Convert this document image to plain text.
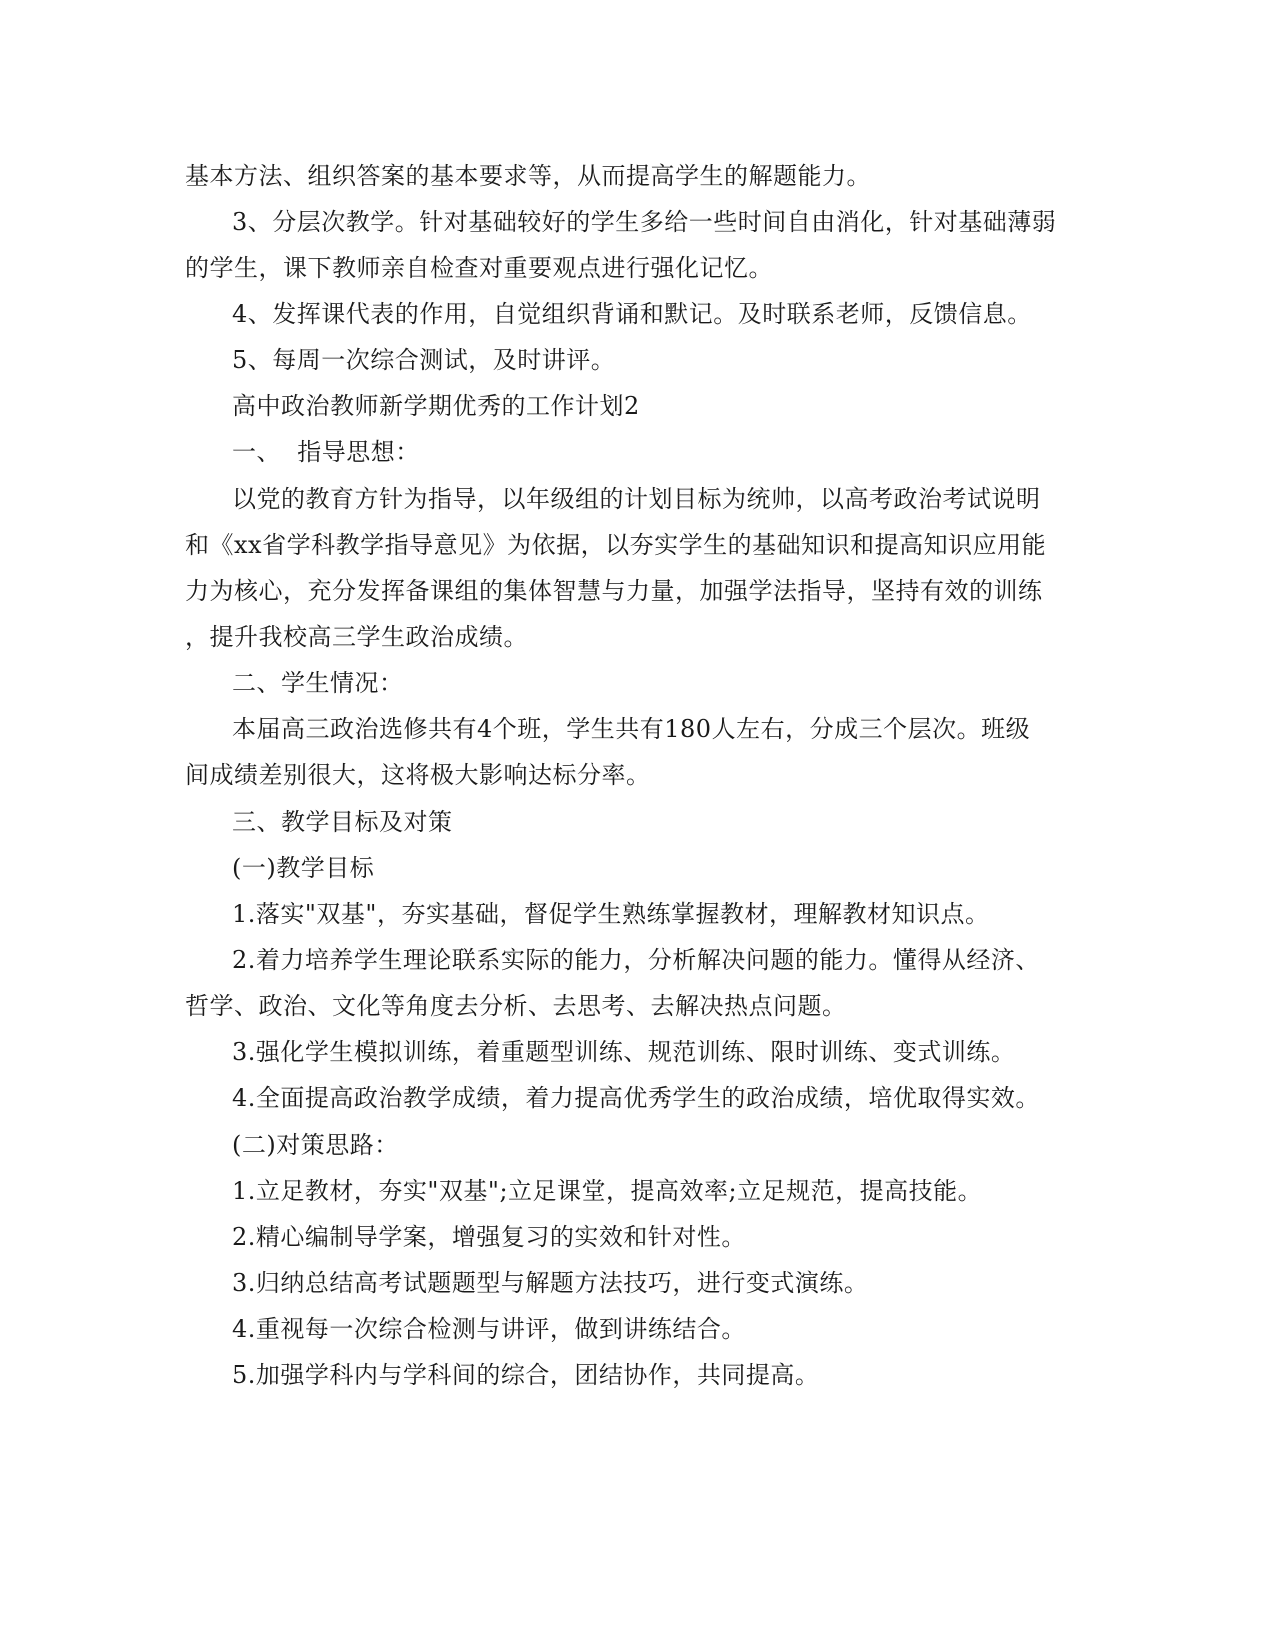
基本方法、组织答案的基本要求等，从而提高学生的解题能力。
3、分层次教学。针对基础较好的学生多给一些时间自由消化，针对基础薄弱
的学生，课下教师亲自检查对重要观点进行强化记忆。
4、发挥课代表的作用，自觉组织背诵和默记。及时联系老师，反馈信息。
5、每周一次综合测试，及时讲评。
高中政治教师新学期优秀的工作计划2
一、  指导思想：
以党的教育方针为指导，以年级组的计划目标为统帅，以高考政治考试说明
和《xx省学科教学指导意见》为依据，以夯实学生的基础知识和提高知识应用能
力为核心，充分发挥备课组的集体智慧与力量，加强学法指导，坚持有效的训练
，提升我校高三学生政治成绩。
二、学生情况：
本届高三政治选修共有4个班，学生共有180人左右，分成三个层次。班级
间成绩差别很大，这将极大影响达标分率。
三、教学目标及对策
(一)教学目标
1.落实"双基"，夯实基础，督促学生熟练掌握教材，理解教材知识点。
2.着力培养学生理论联系实际的能力，分析解决问题的能力。懂得从经济、
哲学、政治、文化等角度去分析、去思考、去解决热点问题。
3.强化学生模拟训练，着重题型训练、规范训练、限时训练、变式训练。
4.全面提高政治教学成绩，着力提高优秀学生的政治成绩，培优取得实效。
(二)对策思路：
1.立足教材，夯实"双基";立足课堂，提高效率;立足规范，提高技能。
2.精心编制导学案，增强复习的实效和针对性。
3.归纳总结高考试题题型与解题方法技巧，进行变式演练。
4.重视每一次综合检测与讲评，做到讲练结合。
5.加强学科内与学科间的综合，团结协作，共同提高。
